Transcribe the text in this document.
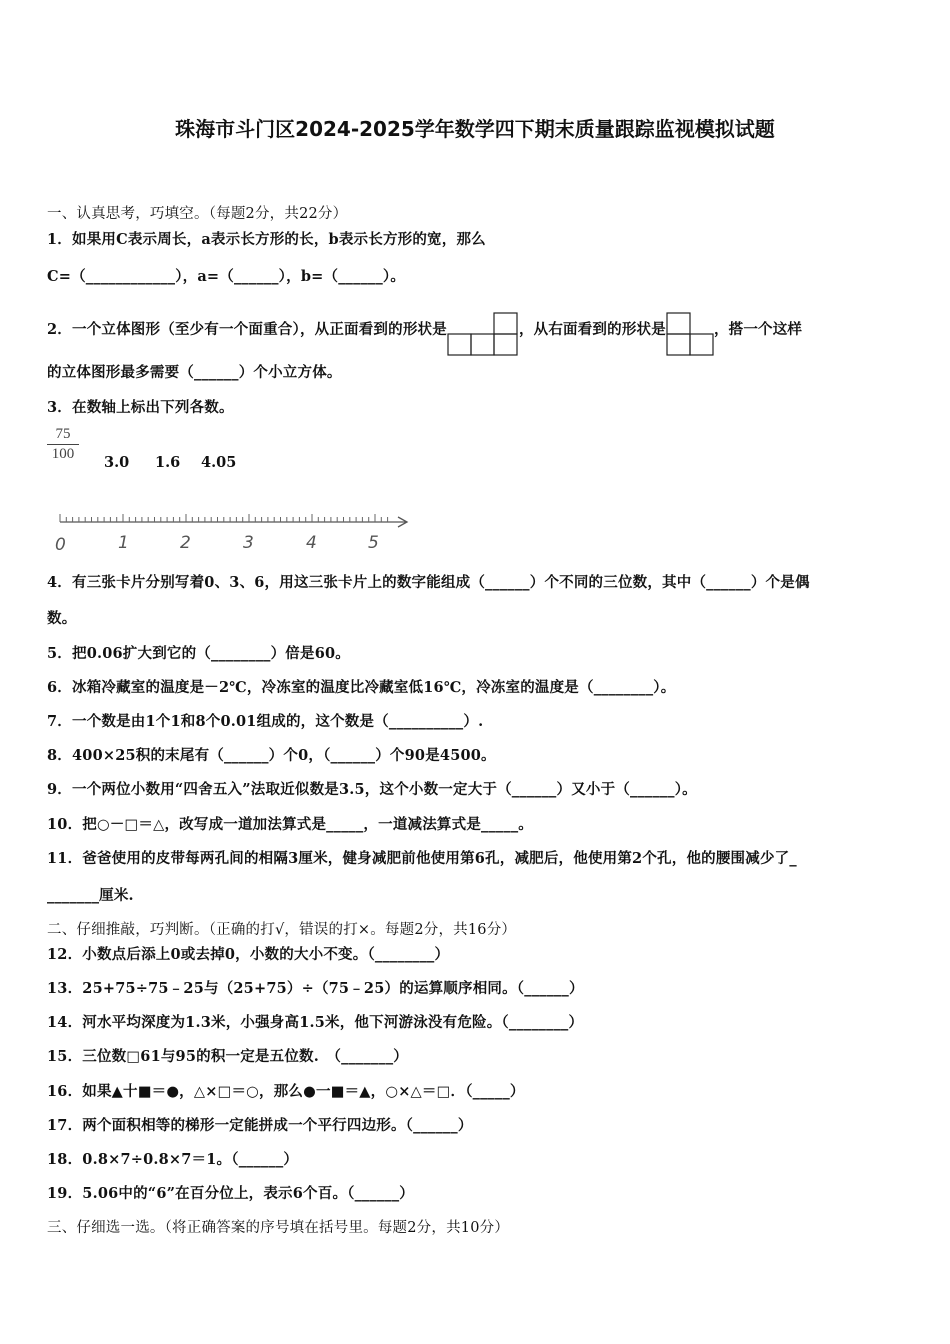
珠海市斗门区2024-2025学年数学四下期末质量跟踪监视模拟试题
一、认真思考，巧填空。（每题2分，共22分）
1．如果用C表示周长，a表示长方形的长，b表示长方形的宽，那么
C=（____________），a=（______），b=（______）。
2．一个立体图形（至少有一个面重合），从正面看到的形状是	，从右面看到的形状是	，搭一个这样
的立体图形最多需要（______）个小立方体。
3．在数轴上标出下列各数。
$\frac{75}{100} 3.0$ 1.6 4.05
0	1	2	3	4	5
4．有三张卡片分别写着0、3、6，用这三张卡片上的数字能组成（______）个不同的三位数，其中（______）个是偶
数。
5．把0.06扩大到它的（________）倍是60。
6．冰箱冷藏室的温度是－2℃，冷冻室的温度比冷藏室低16℃，冷冻室的温度是（________）。
7．一个数是由1个1和8个0.01组成的，这个数是（__________）.
8．400×25积的末尾有（______）个0，（______）个90是4500。
9．一个两位小数用“四舍五入”法取近似数是3.5，这个小数一定大于（______）又小于（______）。
10．把○－□＝△，改写成一道加法算式是_____，一道减法算式是_____。
11．爸爸使用的皮带每两孔间的相隔3厘米，健身减肥前他使用第6孔，减肥后，他使用第2个孔，他的腰围减少了_
_______厘米.
二、仔细推敲，巧判断。（正确的打√，错误的打×。每题2分，共16分）
12．小数点后添上0或去掉0，小数的大小不变。（________）
13．25+75÷75﹣25与（25+75）÷（75﹣25）的运算顺序相同。（______）
14．河水平均深度为1.3米，小强身高1.5米，他下河游泳没有危险。（________）
15．三位数□61与95的积一定是五位数.　（_______）
16．如果▲十■＝●，△×□＝○，那么●一■＝▲，○×△＝□．（_____）
17．两个面积相等的梯形一定能拼成一个平行四边形。（______）
18．0.8×7÷0.8×7＝1。（______）
19．5.06中的“6”在百分位上，表示6个百。（______）
三、仔细选一选。（将正确答案的序号填在括号里。每题2分，共10分）
